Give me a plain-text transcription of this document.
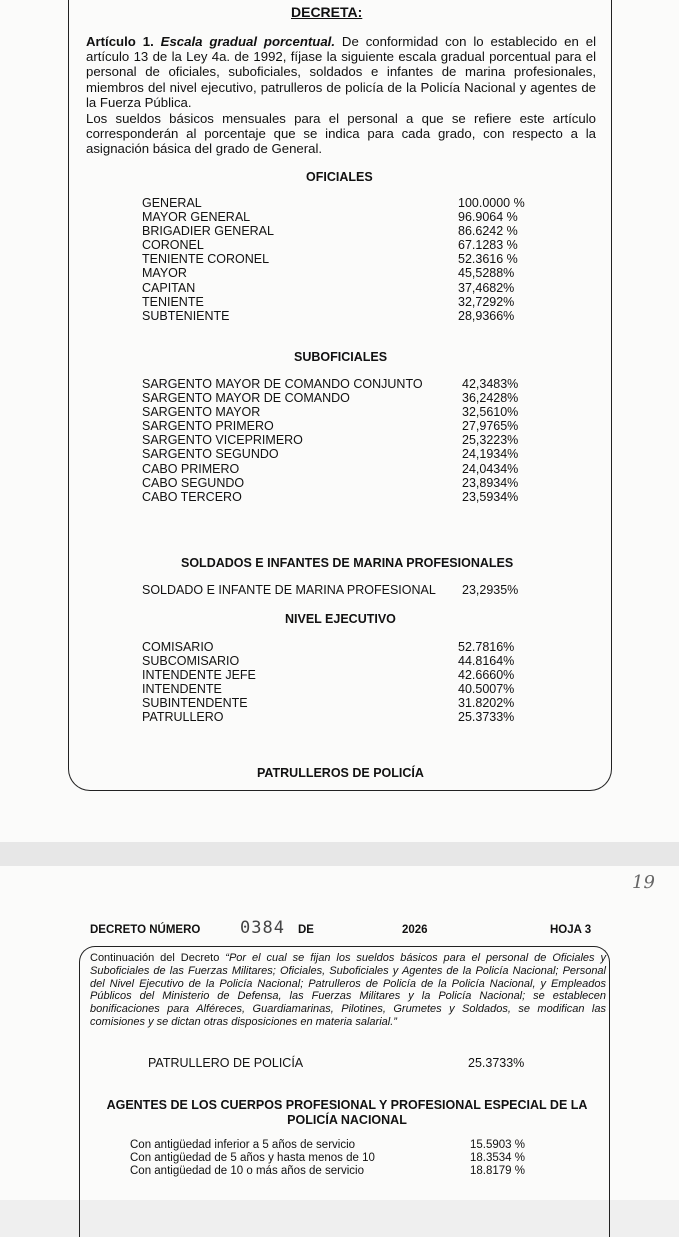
DECRETA:
Artículo 1. Escala gradual porcentual. De conformidad con lo establecido en el artículo 13 de la Ley 4a. de 1992, fíjase la siguiente escala gradual porcentual para el personal de oficiales, suboficiales, soldados e infantes de marina profesionales, miembros del nivel ejecutivo, patrulleros de policía de la Policía Nacional y agentes de la Fuerza Pública.
Los sueldos básicos mensuales para el personal a que se refiere este artículo corresponderán al porcentaje que se indica para cada grado, con respecto a la asignación básica del grado de General.
OFICIALES
GENERAL	100.0000 %
MAYOR GENERAL	96.9064 %
BRIGADIER GENERAL	86.6242 %
CORONEL	67.1283 %
TENIENTE CORONEL	52.3616 %
MAYOR	45,5288%
CAPITAN	37,4682%
TENIENTE	32,7292%
SUBTENIENTE	28,9366%
SUBOFICIALES
SARGENTO MAYOR DE COMANDO CONJUNTO	42,3483%
SARGENTO MAYOR DE COMANDO	36,2428%
SARGENTO MAYOR	32,5610%
SARGENTO PRIMERO	27,9765%
SARGENTO VICEPRIMERO	25,3223%
SARGENTO SEGUNDO	24,1934%
CABO PRIMERO	24,0434%
CABO SEGUNDO	23,8934%
CABO TERCERO	23,5934%
SOLDADOS E INFANTES DE MARINA PROFESIONALES
SOLDADO E INFANTE DE MARINA PROFESIONAL 23,2935%
NIVEL EJECUTIVO
COMISARIO	52.7816%
SUBCOMISARIO	44.8164%
INTENDENTE JEFE	42.6660%
INTENDENTE	40.5007%
SUBINTENDENTE	31.8202%
PATRULLERO	25.3733%
PATRULLEROS DE POLICÍA
19
DECRETO NÚMERO 0384 DE	2026	HOJA 3
Continuación del Decreto “Por el cual se fijan los sueldos básicos para el personal de Oficiales y Suboficiales de las Fuerzas Militares; Oficiales, Suboficiales y Agentes de la Policía Nacional; Personal del Nivel Ejecutivo de la Policía Nacional; Patrulleros de Policía de la Policía Nacional, y Empleados Públicos del Ministerio de Defensa, las Fuerzas Militares y la Policía Nacional; se establecen bonificaciones para Alféreces, Guardiamarinas, Pilotines, Grumetes y Soldados, se modifican las comisiones y se dictan otras disposiciones en materia salarial.”
PATRULLERO DE POLICÍA	25.3733%
AGENTES DE LOS CUERPOS PROFESIONAL Y PROFESIONAL ESPECIAL DE LA POLICÍA NACIONAL
Con antigüedad inferior a 5 años de servicio	15.5903 %
Con antigüedad de 5 años y hasta menos de 10	18.3534 %
Con antigüedad de 10 o más años de servicio	18.8179 %
